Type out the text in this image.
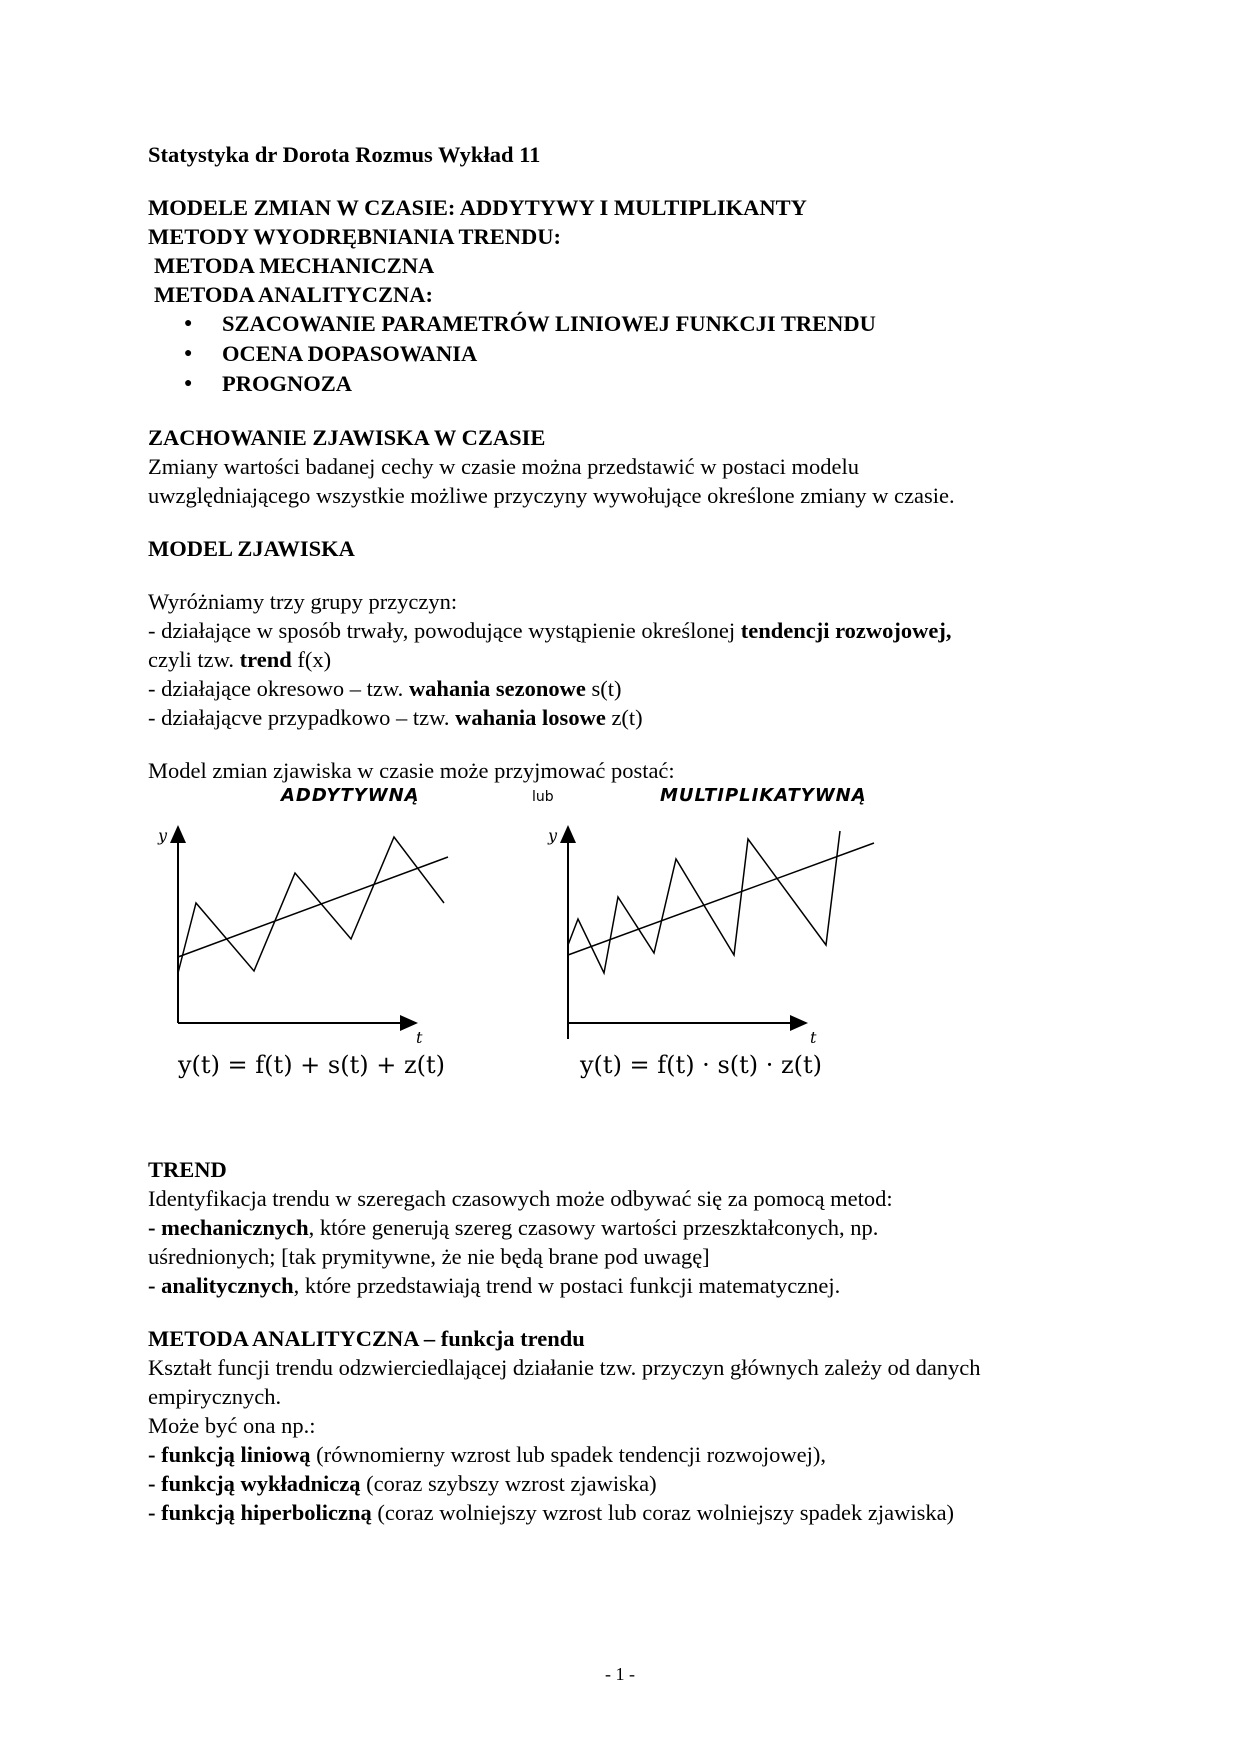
Statystyka dr Dorota Rozmus Wykład 11
MODELE ZMIAN W CZASIE: ADDYTYWY I MULTIPLIKANTY
METODY WYODRĘBNIANIA TRENDU:
METODA MECHANICZNA
METODA ANALITYCZNA:
● SZACOWANIE PARAMETRÓW LINIOWEJ FUNKCJI TRENDU
● OCENA DOPASOWANIA
● PROGNOZA
ZACHOWANIE ZJAWISKA W CZASIE
Zmiany wartości badanej cechy w czasie można przedstawić w postaci modelu
uwzględniającego wszystkie możliwe przyczyny wywołujące określone zmiany w czasie.
MODEL ZJAWISKA
Wyróżniamy trzy grupy przyczyn:
- działające w sposób trwały, powodujące wystąpienie określonej tendencji rozwojowej,
czyli tzw. trend f(x)
- działające okresowo – tzw. wahania sezonowe s(t)
- działającve przypadkowo – tzw. wahania losowe z(t)
Model zmian zjawiska w czasie może przyjmować postać:
ADDYTYWNĄ	lub	MULTIPLIKATYWNĄ
y
t
y
t
y(t) = f(t) + s(t) + z(t)	y(t) = f(t) · s(t) · z(t)
TREND
Identyfikacja trendu w szeregach czasowych może odbywać się za pomocą metod:
- mechanicznych, które generują szereg czasowy wartości przeszktałconych, np.
uśrednionych; [tak prymitywne, że nie będą brane pod uwagę]
- analitycznych, które przedstawiają trend w postaci funkcji matematycznej.
METODA ANALITYCZNA – funkcja trendu
Kształt funcji trendu odzwierciedlającej działanie tzw. przyczyn głównych zależy od danych
empirycznych.
Może być ona np.:
- funkcją liniową (równomierny wzrost lub spadek tendencji rozwojowej),
- funkcją wykładniczą (coraz szybszy wzrost zjawiska)
- funkcją hiperboliczną (coraz wolniejszy wzrost lub coraz wolniejszy spadek zjawiska)
- 1 -
